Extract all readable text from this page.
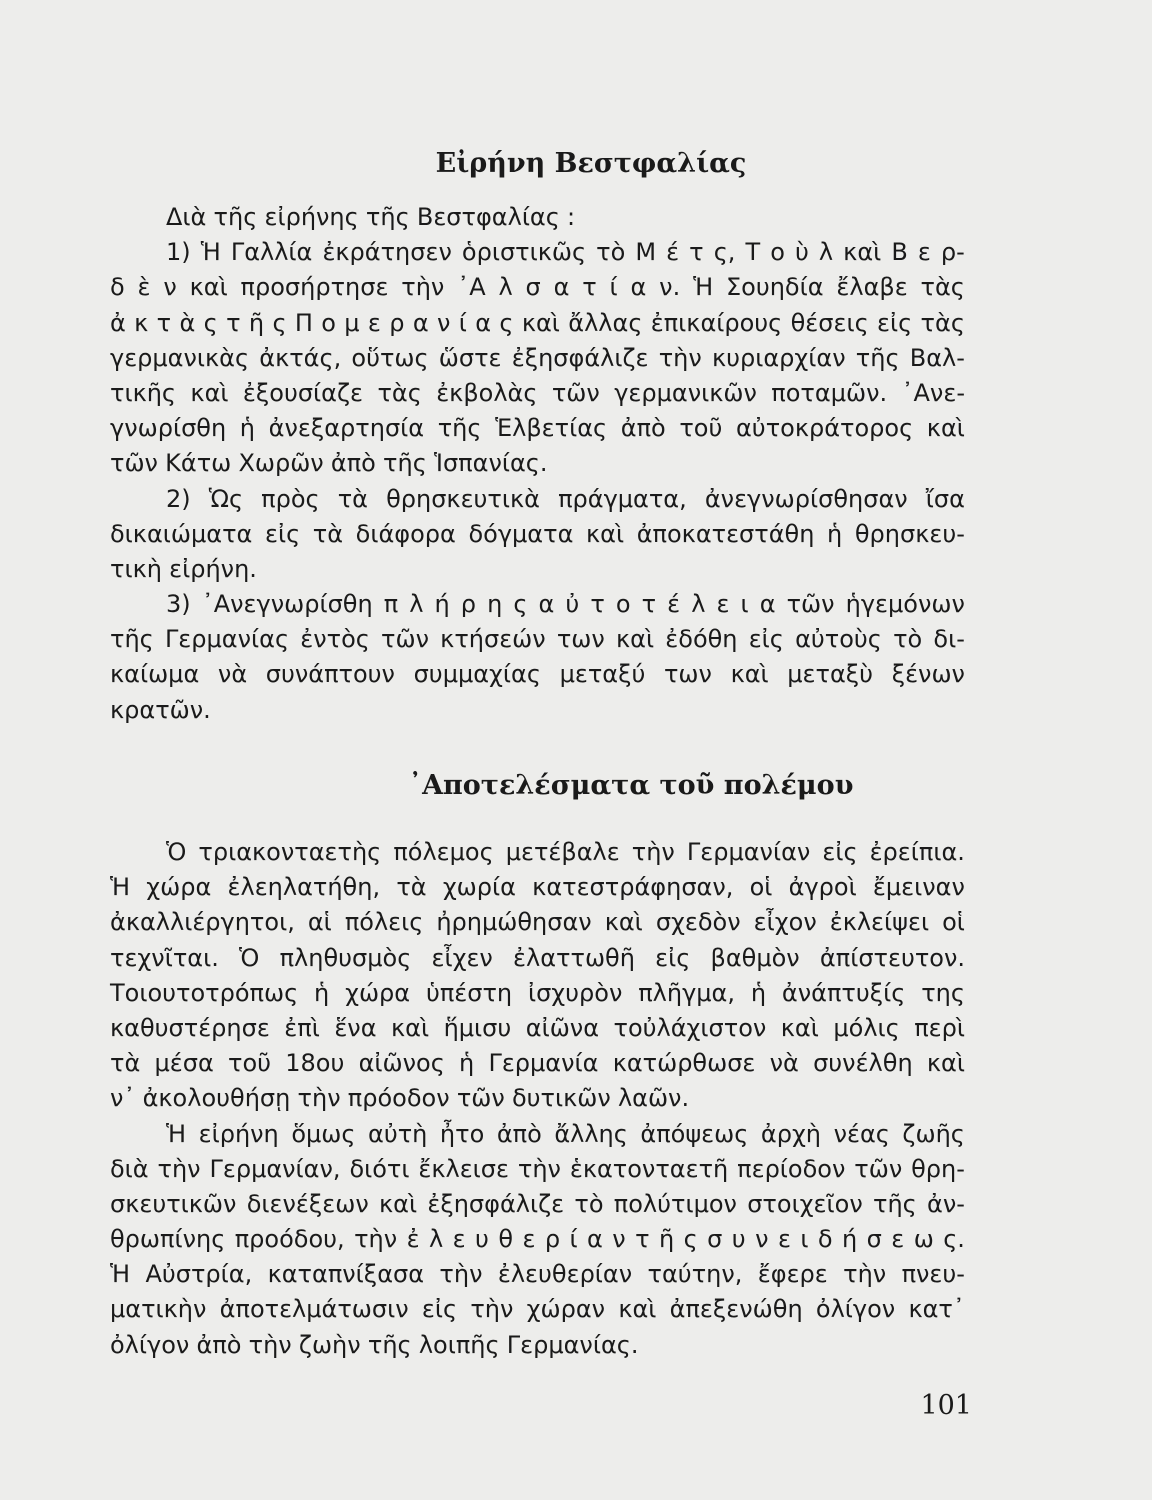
Εἰρήνη Βεστφαλίας
Διὰ τῆς εἰρήνης τῆς Βεστφαλίας :
1) Ἡ Γαλλία ἐκράτησεν ὁριστικῶς τὸ Μ έ τ ς, Τ ο ὺ λ καὶ Β ε ρ-
δ ὲ ν καὶ προσήρτησε τὴν ᾿Α λ σ α τ ί α ν. Ἡ Σουηδία ἔλαβε τὰς
ἀ κ τ ὰ ς τ ῆ ς Π ο μ ε ρ α ν ί α ς καὶ ἄλλας ἐπικαίρους θέσεις εἰς τὰς
γερμανικὰς ἀκτάς, οὕτως ὥστε ἐξησφάλιζε τὴν κυριαρχίαν τῆς Βαλ-
τικῆς καὶ ἐξουσίαζε τὰς ἐκβολὰς τῶν γερμανικῶν ποταμῶν. ᾿Ανε-
γνωρίσθη ἡ ἀνεξαρτησία τῆς Ἑλβετίας ἀπὸ τοῦ αὐτοκράτορος καὶ
τῶν Κάτω Χωρῶν ἀπὸ τῆς Ἱσπανίας.
2) Ὡς πρὸς τὰ θρησκευτικὰ πράγματα, ἀνεγνωρίσθησαν ἴσα
δικαιώματα εἰς τὰ διάφορα δόγματα καὶ ἀποκατεστάθη ἡ θρησκευ-
τικὴ εἰρήνη.
3) ᾿Ανεγνωρίσθη π λ ή ρ η ς α ὐ τ ο τ έ λ ε ι α τῶν ἡγεμόνων
τῆς Γερμανίας ἐντὸς τῶν κτήσεών των καὶ ἐδόθη εἰς αὐτοὺς τὸ δι-
καίωμα νὰ συνάπτουν συμμαχίας μεταξύ των καὶ μεταξὺ ξένων
κρατῶν.
᾿Αποτελέσματα τοῦ πολέμου
Ὁ τριακονταετὴς πόλεμος μετέβαλε τὴν Γερμανίαν εἰς ἐρείπια.
Ἡ χώρα ἐλεηλατήθη, τὰ χωρία κατεστράφησαν, οἱ ἀγροὶ ἔμειναν
ἀκαλλιέργητοι, αἱ πόλεις ἠρημώθησαν καὶ σχεδὸν εἶχον ἐκλείψει οἱ
τεχνῖται. Ὁ πληθυσμὸς εἶχεν ἐλαττωθῆ εἰς βαθμὸν ἀπίστευτον.
Τοιουτοτρόπως ἡ χώρα ὑπέστη ἰσχυρὸν πλῆγμα, ἡ ἀνάπτυξίς της
καθυστέρησε ἐπὶ ἕνα καὶ ἥμισυ αἰῶνα τοὐλάχιστον καὶ μόλις περὶ
τὰ μέσα τοῦ 18ου αἰῶνος ἡ Γερμανία κατώρθωσε νὰ συνέλθη καὶ
ν᾿ ἀκολουθήσῃ τὴν πρόοδον τῶν δυτικῶν λαῶν.
Ἡ εἰρήνη ὅμως αὐτὴ ἦτο ἀπὸ ἄλλης ἀπόψεως ἀρχὴ νέας ζωῆς
διὰ τὴν Γερμανίαν, διότι ἔκλεισε τὴν ἑκατονταετῆ περίοδον τῶν θρη-
σκευτικῶν διενέξεων καὶ ἐξησφάλιζε τὸ πολύτιμον στοιχεῖον τῆς ἀν-
θρωπίνης προόδου, τὴν ἐ λ ε υ θ ε ρ ί α ν τ ῆ ς σ υ ν ε ι δ ή σ ε ω ς.
Ἡ Αὐστρία, καταπνίξασα τὴν ἐλευθερίαν ταύτην, ἔφερε τὴν πνευ-
ματικὴν ἀποτελμάτωσιν εἰς τὴν χώραν καὶ ἀπεξενώθη ὀλίγον κατ᾿
ὀλίγον ἀπὸ τὴν ζωὴν τῆς λοιπῆς Γερμανίας.
101
